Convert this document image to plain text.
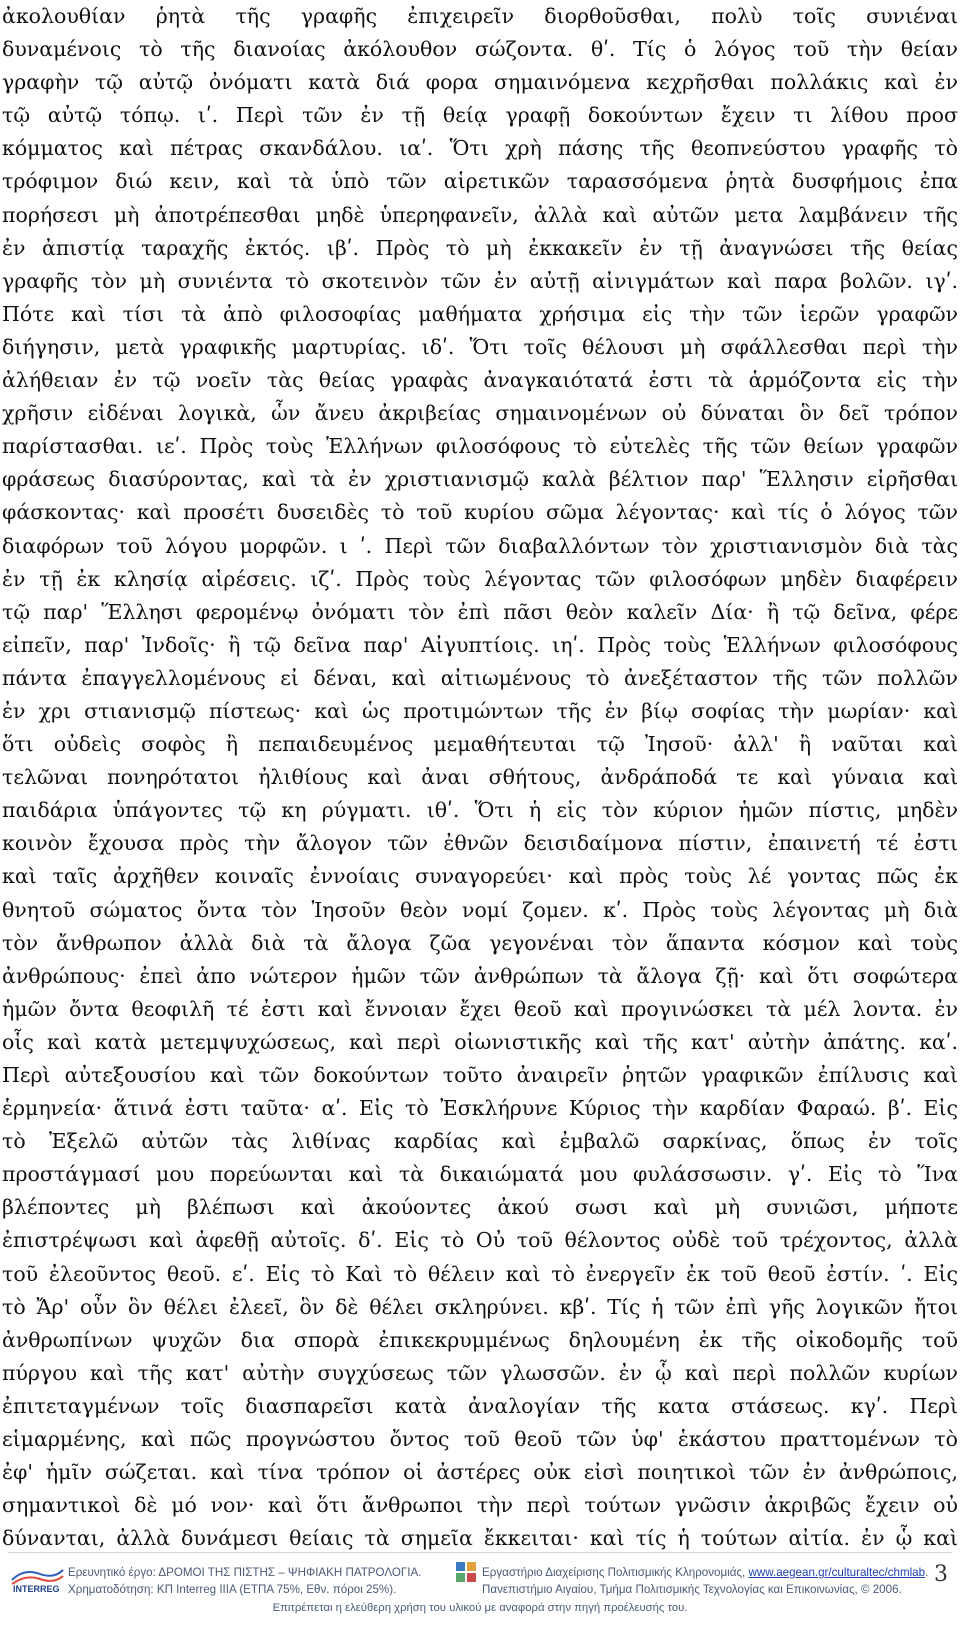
ἀκολουθίαν ῥητὰ τῆς γραφῆς ἐπιχειρεῖν διορθοῦσθαι, πολὺ τοῖς συνιέναι

δυναμένοις τὸ τῆς διανοίας ἀκόλουθον σώζοντα. θʹ. Τίς ὁ λόγος τοῦ τὴν θείαν

γραφὴν τῷ αὐτῷ ὀνόματι κατὰ διά φορα σημαινόμενα κεχρῆσθαι πολλάκις καὶ ἐν

τῷ αὐτῷ τόπῳ. ιʹ. Περὶ τῶν ἐν τῇ θείᾳ γραφῇ δοκούντων ἔχειν τι λίθου προσ

κόμματος καὶ πέτρας σκανδάλου. ιαʹ. Ὅτι χρὴ πάσης τῆς θεοπνεύστου γραφῆς τὸ

τρόφιμον διώ κειν, καὶ τὰ ὑπὸ τῶν αἱρετικῶν ταρασσόμενα ῥητὰ δυσφήμοις ἐπα

πορήσεσι μὴ ἀποτρέπεσθαι μηδὲ ὑπερηφανεῖν, ἀλλὰ καὶ αὐτῶν μετα λαμβάνειν τῆς

ἐν ἀπιστίᾳ ταραχῆς ἐκτός. ιβʹ. Πρὸς τὸ μὴ ἐκκακεῖν ἐν τῇ ἀναγνώσει τῆς θείας

γραφῆς τὸν μὴ συνιέντα τὸ σκοτεινὸν τῶν ἐν αὐτῇ αἰνιγμάτων καὶ παρα βολῶν. ιγʹ.

Πότε καὶ τίσι τὰ ἀπὸ φιλοσοφίας μαθήματα χρήσιμα εἰς τὴν τῶν ἱερῶν γραφῶν

διήγησιν, μετὰ γραφικῆς μαρτυρίας. ιδʹ. Ὅτι τοῖς θέλουσι μὴ σφάλλεσθαι περὶ τὴν

ἀλήθειαν ἐν τῷ νοεῖν τὰς θείας γραφὰς ἀναγκαιότατά ἐστι τὰ ἁρμόζοντα εἰς τὴν

χρῆσιν εἰδέναι λογικὰ, ὧν ἄνευ ἀκριβείας σημαινομένων οὐ δύναται ὃν δεῖ τρόπον

παρίστασθαι. ιεʹ. Πρὸς τοὺς Ἑλλήνων φιλοσόφους τὸ εὐτελὲς τῆς τῶν θείων γραφῶν

φράσεως διασύροντας, καὶ τὰ ἐν χριστιανισμῷ καλὰ βέλτιον παρ' Ἕλλησιν εἰρῆσθαι

φάσκοντας· καὶ προσέτι δυσειδὲς τὸ τοῦ κυρίου σῶμα λέγοντας· καὶ τίς ὁ λόγος τῶν

διαφόρων τοῦ λόγου μορφῶν. ι ʹ. Περὶ τῶν διαβαλλόντων τὸν χριστιανισμὸν διὰ τὰς

ἐν τῇ ἐκ κλησίᾳ αἱρέσεις. ιζʹ. Πρὸς τοὺς λέγοντας τῶν φιλοσόφων μηδὲν διαφέρειν

τῷ παρ' Ἕλλησι φερομένῳ ὀνόματι τὸν ἐπὶ πᾶσι θεὸν καλεῖν Δία· ἢ τῷ δεῖνα, φέρε

εἰπεῖν, παρ' Ἰνδοῖς· ἢ τῷ δεῖνα παρ' Αἰγυπτίοις. ιηʹ. Πρὸς τοὺς Ἑλλήνων φιλοσόφους

πάντα ἐπαγγελλομένους εἰ δέναι, καὶ αἰτιωμένους τὸ ἀνεξέταστον τῆς τῶν πολλῶν

ἐν χρι στιανισμῷ πίστεως· καὶ ὡς προτιμώντων τῆς ἐν βίῳ σοφίας τὴν μωρίαν· καὶ

ὅτι οὐδεὶς σοφὸς ἢ πεπαιδευμένος μεμαθήτευται τῷ Ἰησοῦ· ἀλλ' ἢ ναῦται καὶ

τελῶναι πονηρότατοι ἠλιθίους καὶ ἀναι σθήτους, ἀνδράποδά τε καὶ γύναια καὶ

παιδάρια ὑπάγοντες τῷ κη ρύγματι. ιθʹ. Ὅτι ἡ εἰς τὸν κύριον ἡμῶν πίστις, μηδὲν

κοινὸν ἔχουσα πρὸς τὴν ἄλογον τῶν ἐθνῶν δεισιδαίμονα πίστιν, ἐπαινετή τέ ἐστι

καὶ ταῖς ἀρχῆθεν κοιναῖς ἐννοίαις συναγορεύει· καὶ πρὸς τοὺς λέ γοντας πῶς ἐκ

θνητοῦ σώματος ὄντα τὸν Ἰησοῦν θεὸν νομί ζομεν. κʹ. Πρὸς τοὺς λέγοντας μὴ διὰ

τὸν ἄνθρωπον ἀλλὰ διὰ τὰ ἄλογα ζῶα γεγονέναι τὸν ἅπαντα κόσμον καὶ τοὺς

ἀνθρώπους· ἐπεὶ ἀπο νώτερον ἡμῶν τῶν ἀνθρώπων τὰ ἄλογα ζῇ· καὶ ὅτι σοφώτερα

ἡμῶν ὄντα θεοφιλῆ τέ ἐστι καὶ ἔννοιαν ἔχει θεοῦ καὶ προγινώσκει τὰ μέλ λοντα. ἐν

οἷς καὶ κατὰ μετεμψυχώσεως, καὶ περὶ οἰωνιστικῆς καὶ τῆς κατ' αὐτὴν ἀπάτης. καʹ.

Περὶ αὐτεξουσίου καὶ τῶν δοκούντων τοῦτο ἀναιρεῖν ῥητῶν γραφικῶν ἐπίλυσις καὶ

ἑρμηνεία· ἅτινά ἐστι ταῦτα· αʹ. Εἰς τὸ Ἐσκλήρυνε Κύριος τὴν καρδίαν Φαραώ. βʹ. Εἰς

τὸ Ἐξελῶ αὐτῶν τὰς λιθίνας καρδίας καὶ ἐμβαλῶ σαρκίνας, ὅπως ἐν τοῖς

προστάγμασί μου πορεύωνται καὶ τὰ δικαιώματά μου φυλάσσωσιν. γʹ. Εἰς τὸ Ἵνα

βλέποντες μὴ βλέπωσι καὶ ἀκούοντες ἀκού σωσι καὶ μὴ συνιῶσι, μήποτε

ἐπιστρέψωσι καὶ ἀφεθῇ αὐτοῖς. δʹ. Εἰς τὸ Οὐ τοῦ θέλοντος οὐδὲ τοῦ τρέχοντος, ἀλλὰ

τοῦ ἐλεοῦντος θεοῦ. εʹ. Εἰς τὸ Καὶ τὸ θέλειν καὶ τὸ ἐνεργεῖν ἐκ τοῦ θεοῦ ἐστίν. ʹ. Εἰς

τὸ Ἄρ' οὖν ὃν θέλει ἐλεεῖ, ὃν δὲ θέλει σκληρύνει. κβʹ. Τίς ἡ τῶν ἐπὶ γῆς λογικῶν ἤτοι

ἀνθρωπίνων ψυχῶν δια σπορὰ ἐπικεκρυμμένως δηλουμένη ἐκ τῆς οἰκοδομῆς τοῦ

πύργου καὶ τῆς κατ' αὐτὴν συγχύσεως τῶν γλωσσῶν. ἐν ᾧ καὶ περὶ πολλῶν κυρίων

ἐπιτεταγμένων τοῖς διασπαρεῖσι κατὰ ἀναλογίαν τῆς κατα στάσεως. κγʹ. Περὶ

εἱμαρμένης, καὶ πῶς προγνώστου ὄντος τοῦ θεοῦ τῶν ὑφ' ἑκάστου πραττομένων τὸ

ἐφ' ἡμῖν σώζεται. καὶ τίνα τρόπον οἱ ἀστέρες οὐκ εἰσὶ ποιητικοὶ τῶν ἐν ἀνθρώποις,

σημαντικοὶ δὲ μό νον· καὶ ὅτι ἄνθρωποι τὴν περὶ τούτων γνῶσιν ἀκριβῶς ἔχειν οὐ

δύνανται, ἀλλὰ δυνάμεσι θείαις τὰ σημεῖα ἔκκειται· καὶ τίς ἡ τούτων αἰτία. ἐν ᾧ καὶ

INTERREG
Ερευνητικό έργο: ΔΡΟΜΟΙ ΤΗΣ ΠΙΣΤΗΣ – ΨΗΦΙΑΚΗ ΠΑΤΡΟΛΟΓΙΑ.
Χρηματοδότηση: ΚΠ Interreg IIIA (ΕΤΠΑ 75%, Εθν. πόροι 25%).
Εργαστήριο Διαχείρισης Πολιτισμικής Κληρονομιάς, www.aegean.gr/culturaltec/chmlab.
Πανεπιστήμιο Αιγαίου, Τμήμα Πολιτισμικής Τεχνολογίας και Επικοινωνίας, © 2006.
3
Επιτρέπεται η ελεύθερη χρήση του υλικού με αναφορά στην πηγή προέλευσής του.
